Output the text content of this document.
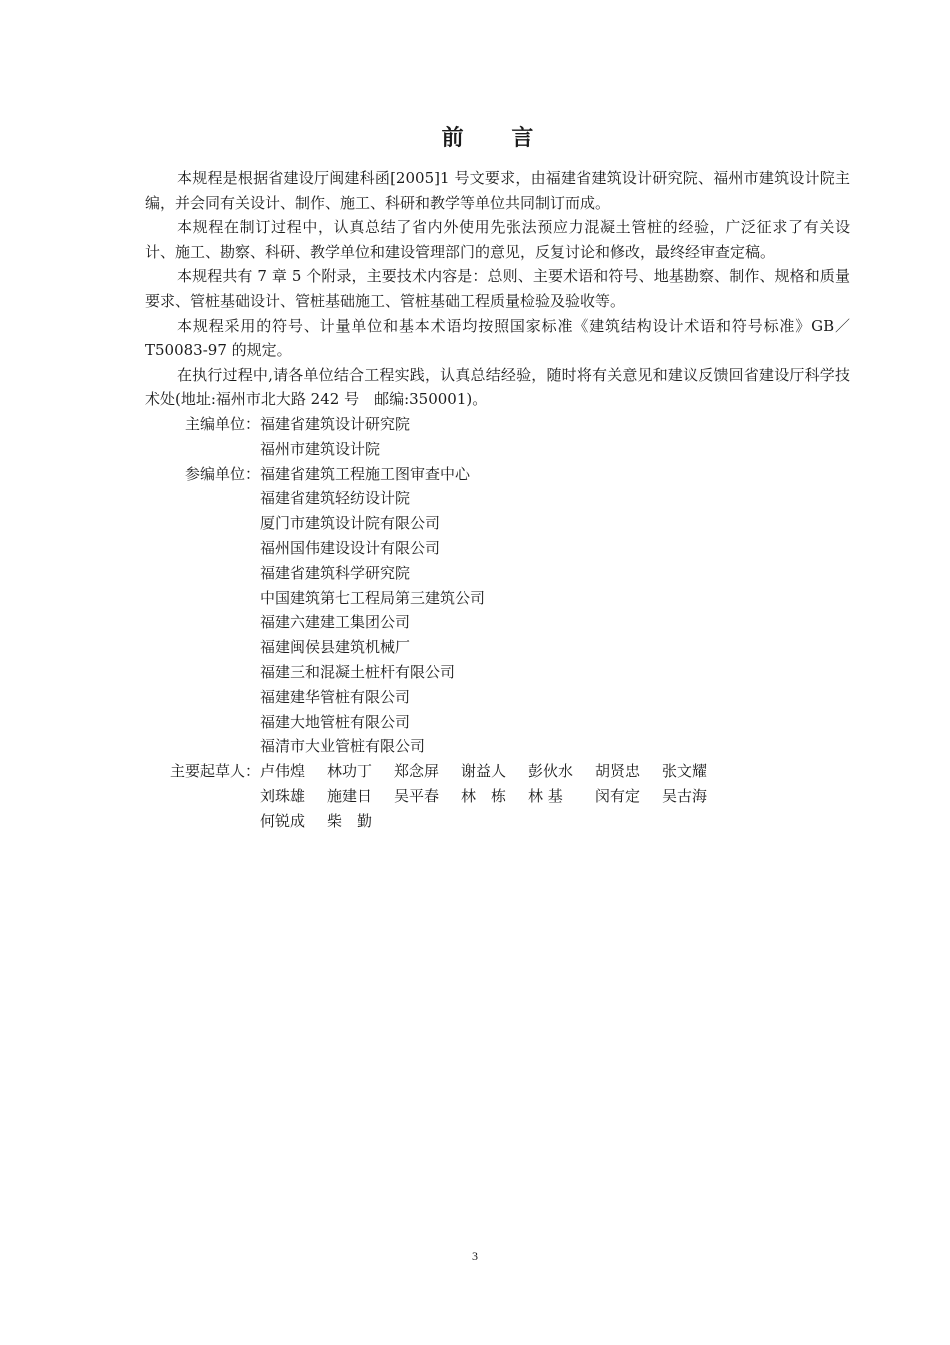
前 言

本规程是根据省建设厅闽建科函[2005]1 号文要求，由福建省建筑设计研究院、福州市建筑设计院主编，并会同有关设计、制作、施工、科研和教学等单位共同制订而成。

本规程在制订过程中，认真总结了省内外使用先张法预应力混凝土管桩的经验，广泛征求了有关设计、施工、勘察、科研、教学单位和建设管理部门的意见，反复讨论和修改，最终经审查定稿。

本规程共有 7 章 5 个附录，主要技术内容是：总则、主要术语和符号、地基勘察、制作、规格和质量要求、管桩基础设计、管桩基础施工、管桩基础工程质量检验及验收等。

本规程采用的符号、计量单位和基本术语均按照国家标准《建筑结构设计术语和符号标准》GB／T50083-97 的规定。

在执行过程中,请各单位结合工程实践，认真总结经验，随时将有关意见和建议反馈回省建设厅科学技术处(地址:福州市北大路 242 号　邮编:350001)。

主编单位： 福建省建筑设计研究院
福州市建筑设计院
参编单位： 福建省建筑工程施工图审查中心
福建省建筑轻纺设计院
厦门市建筑设计院有限公司
福州国伟建设设计有限公司
福建省建筑科学研究院
中国建筑第七工程局第三建筑公司
福建六建建工集团公司
福建闽侯县建筑机械厂
福建三和混凝土桩杆有限公司
福建建华管桩有限公司
福建大地管桩有限公司
福清市大业管桩有限公司
主要起草人： 卢伟煌	林功丁	郑念屏	谢益人	彭伙水	胡贤忠	张文耀
刘珠雄	施建日	吴平春	林　栋	林 基	闵有定	吴古海
何锐成	柴　勤
3
